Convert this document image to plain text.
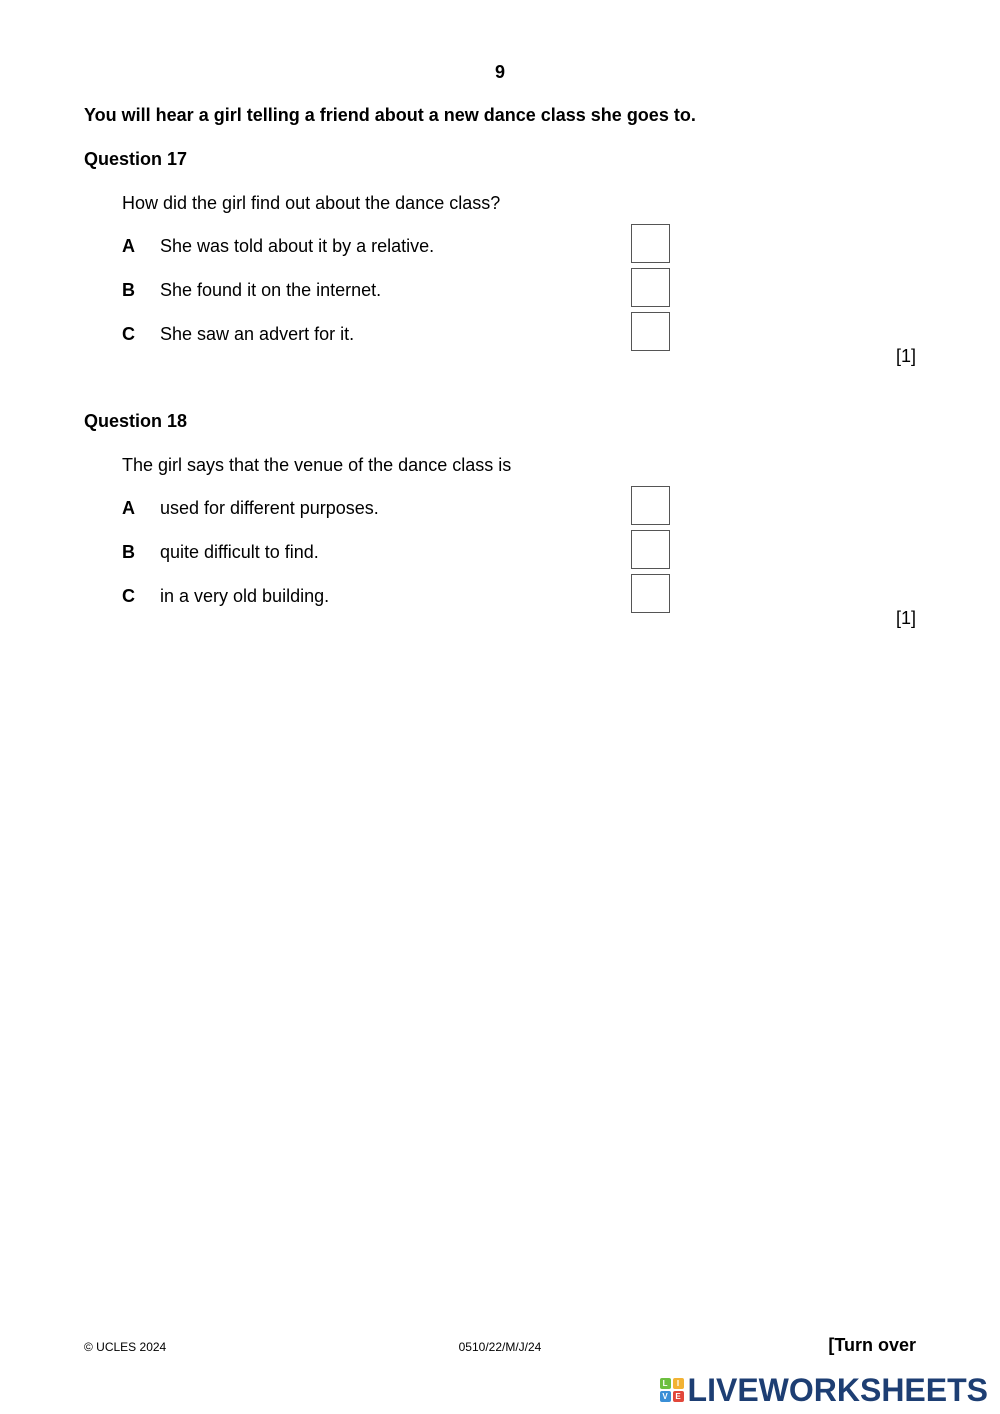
9
You will hear a girl telling a friend about a new dance class she goes to.
Question 17
How did the girl find out about the dance class?
A She was told about it by a relative.
B She found it on the internet.
C She saw an advert for it.
[1]
Question 18
The girl says that the venue of the dance class is
A used for different purposes.
B quite difficult to find.
C in a very old building.
[1]
© UCLES 2024	0510/22/M/J/24	[Turn over
L	I
V E LIVEWORKSHEETS
